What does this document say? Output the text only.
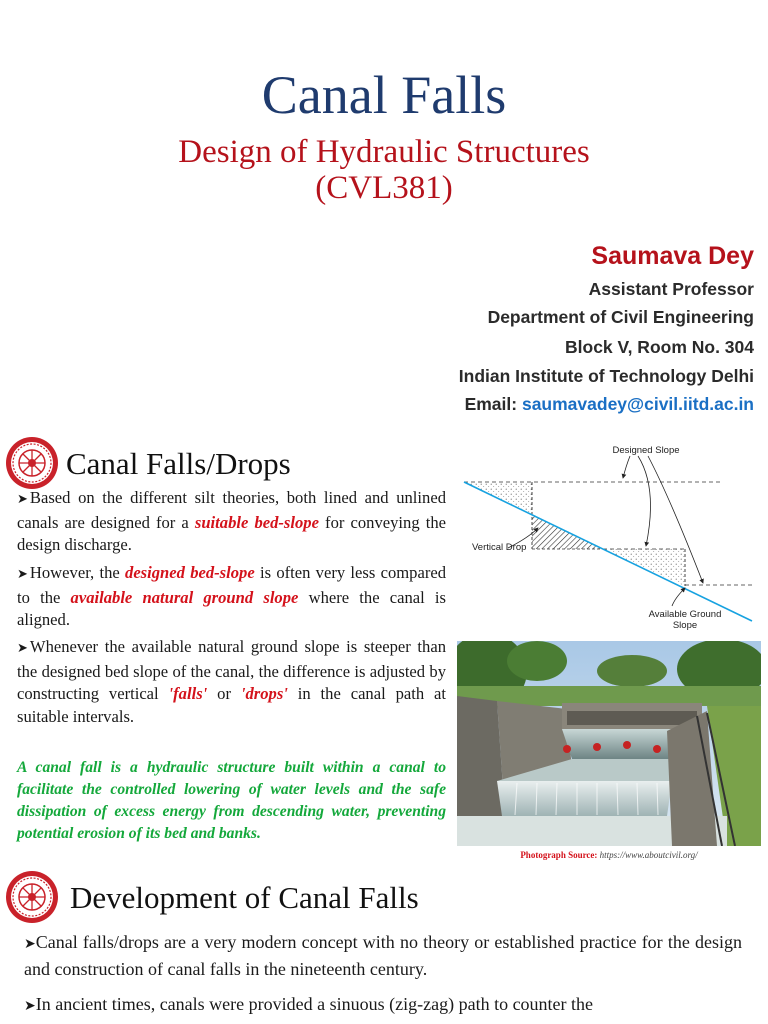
Canal Falls
Design of Hydraulic Structures
(CVL381)
Saumava Dey
Assistant Professor
Department of Civil Engineering
Block V, Room No. 304
Indian Institute of Technology Delhi
Email: saumavadey@civil.iitd.ac.in
Canal Falls/Drops
➤ Based on the different silt theories, both lined and unlined canals are designed for a suitable bed-slope for conveying the design discharge.
➤ However, the designed bed-slope is often very less compared to the available natural ground slope where the canal is aligned.
➤ Whenever the available natural ground slope is steeper than the designed bed slope of the canal, the difference is adjusted by constructing vertical 'falls' or 'drops' in the canal path at suitable intervals.
A canal fall is a hydraulic structure built within a canal to facilitate the controlled lowering of water levels and the safe dissipation of excess energy from descending water, preventing potential erosion of its bed and banks.
Designed Slope
Vertical Drop
Available Ground
Slope
Photograph Source: https://www.aboutcivil.org/
Development of Canal Falls
➤Canal falls/drops are a very modern concept with no theory or established practice for the design and construction of canal falls in the nineteenth century.
➤In ancient times, canals were provided a sinuous (zig-zag) path to counter the
